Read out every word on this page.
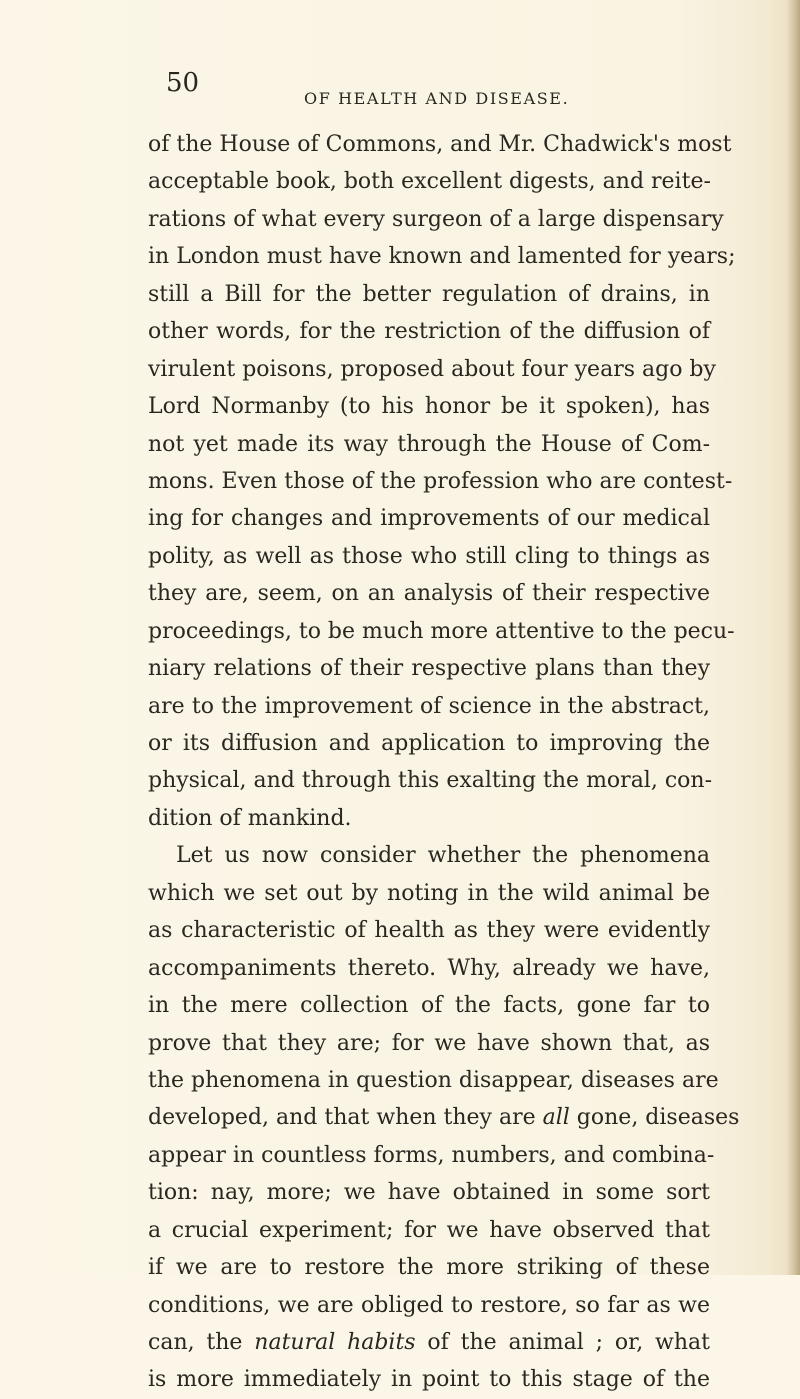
50
OF HEALTH AND DISEASE.
of the House of Commons, and Mr. Chadwick's most
acceptable book, both excellent digests, and reite-
rations of what every surgeon of a large dispensary
in London must have known and lamented for years;
still a Bill for the better regulation of drains, in
other words, for the restriction of the diffusion of
virulent poisons, proposed about four years ago by
Lord Normanby (to his honor be it spoken), has
not yet made its way through the House of Com-
mons. Even those of the profession who are contest-
ing for changes and improvements of our medical
polity, as well as those who still cling to things as
they are, seem, on an analysis of their respective
proceedings, to be much more attentive to the pecu-
niary relations of their respective plans than they
are to the improvement of science in the abstract,
or its diffusion and application to improving the
physical, and through this exalting the moral, con-
dition of mankind.
Let us now consider whether the phenomena
which we set out by noting in the wild animal be
as characteristic of health as they were evidently
accompaniments thereto. Why, already we have,
in the mere collection of the facts, gone far to
prove that they are; for we have shown that, as
the phenomena in question disappear, diseases are
developed, and that when they are all gone, diseases
appear in countless forms, numbers, and combina-
tion: nay, more; we have obtained in some sort
a crucial experiment; for we have observed that
if we are to restore the more striking of these
conditions, we are obliged to restore, so far as we
can, the natural habits of the animal ; or, what
is more immediately in point to this stage of the
